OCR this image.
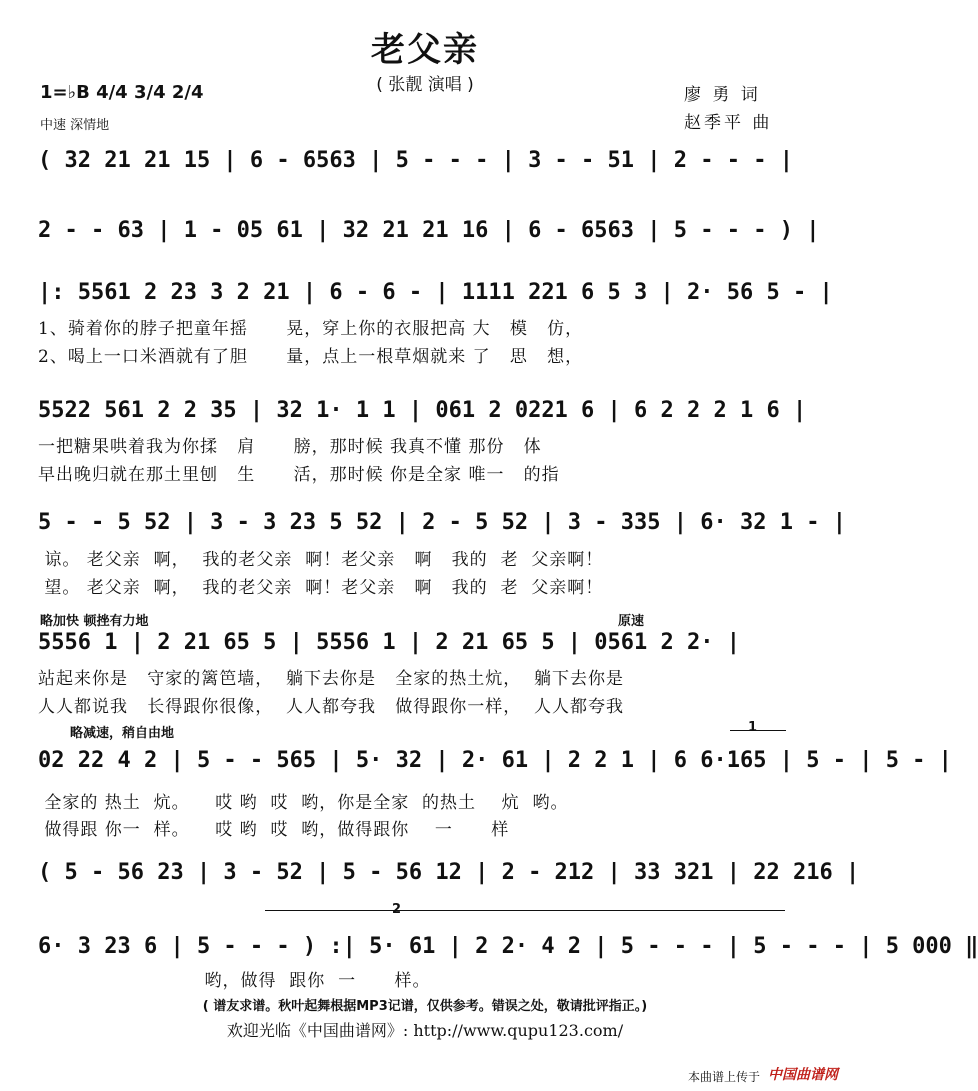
老父亲
( 张靓 演唱 )
1=♭B 4/4 3/4 2/4
中速 深情地
廖 勇 词
赵季平 曲
( 32 21 21 15 | 6 - 6563 | 5 - - - | 3 - - 51 | 2 - - - |
2 - - 63 | 1 - 05 61 | 32 21 21 16 | 6 - 6563 | 5 - - - ) |
|: 5561 2 23 3 2 21 | 6 - 6 - | 1111 221 6 5 3 | 2· 56 5 - |
1、骑着你的脖子把童年摇      晃，穿上你的衣服把高 大   模   仿，
2、喝上一口米酒就有了胆      量，点上一根草烟就来 了   思   想，
5522 561 2 2 35 | 32 1· 1 1 | 061 2 0221 6 | 6 2 2 2 1 6 |
一把糖果哄着我为你揉   肩      膀，那时候 我真不懂 那份   体
早出晚归就在那土里刨   生      活，那时候 你是全家 唯一   的指
5 - - 5 52 | 3 - 3 23 5 52 | 2 - 5 52 | 3 - 335 | 6· 32 1 - |
谅。 老父亲  啊，  我的老父亲  啊！老父亲   啊   我的  老  父亲啊！
望。 老父亲  啊，  我的老父亲  啊！老父亲   啊   我的  老  父亲啊！
略加快 顿挫有力地	原速
5556 1 | 2 21 65 5 | 5556 1 | 2 21 65 5 | 0561 2 2· |
站起来你是   守家的篱笆墙，  躺下去你是   全家的热土炕，  躺下去你是
人人都说我   长得跟你很像，  人人都夸我   做得跟你一样，  人人都夸我
略减速，稍自由地	1
02 22 4 2 | 5 - - 565 | 5· 32 | 2· 61 | 2 2 1 | 6 6·165 | 5 - | 5 - |
全家的 热土  炕。    哎 哟  哎  哟，你是全家  的热土    炕  哟。
做得跟 你一  样。    哎 哟  哎  哟，做得跟你    一      样
( 5 - 56 23 | 3 - 52 | 5 - 56 12 | 2 - 212 | 33 321 | 22 216 |
2
6· 3 23 6 | 5 - - - ) :| 5· 61 | 2 2· 4 2 | 5 - - - | 5 - - - | 5 000 ‖
哟，做得  跟你  一      样。
( 谱友求谱。秋叶起舞根据MP3记谱，仅供参考。错误之处，敬请批评指正。)
欢迎光临《中国曲谱网》: http://www.qupu123.com/
本曲谱上传于 中国曲谱网
